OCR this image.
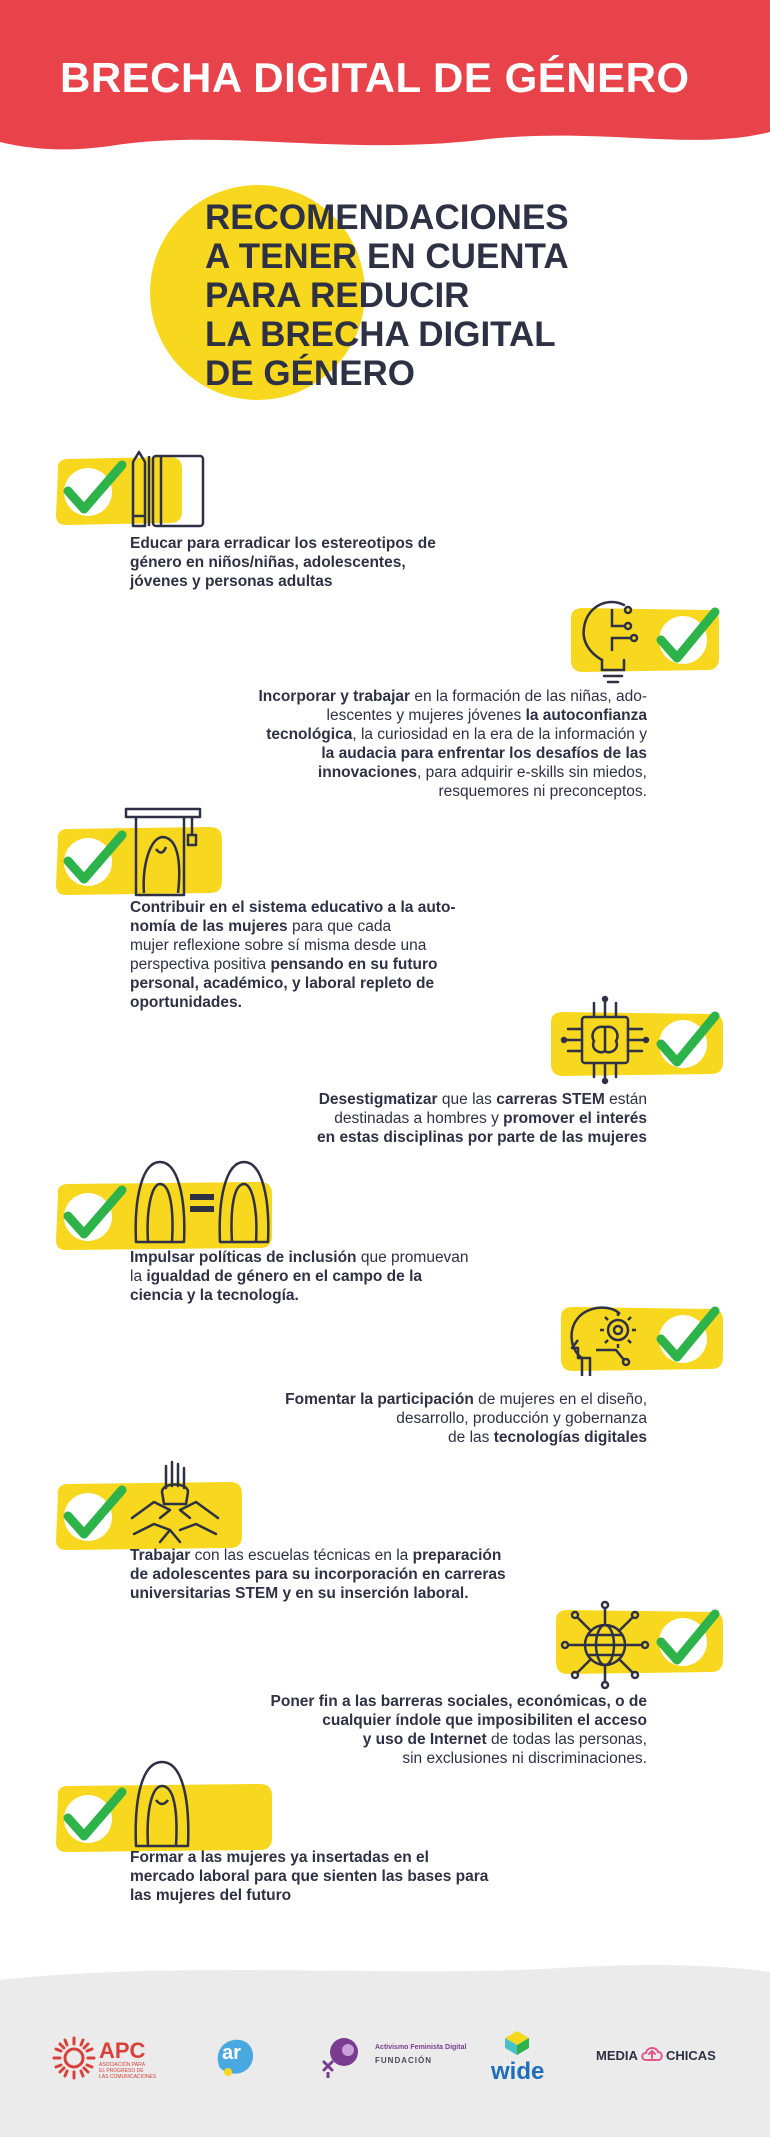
BRECHA DIGITAL DE GÉNERO
RECOMENDACIONES
A TENER EN CUENTA
PARA REDUCIR
LA BRECHA DIGITAL
DE GÉNERO
Educar para erradicar los estereotipos de
género en niños/niñas, adolescentes,
jóvenes y personas adultas
Incorporar y trabajar en la formación de las niñas, ado-
lescentes y mujeres jóvenes la autoconfianza
tecnológica, la curiosidad en la era de la información y
la audacia para enfrentar los desafíos de las
innovaciones, para adquirir e-skills sin miedos,
resquemores ni preconceptos.
Contribuir en el sistema educativo a la auto-
nomía de las mujeres para que cada
mujer reflexione sobre sí misma desde una
perspectiva positiva pensando en su futuro
personal, académico, y laboral repleto de
oportunidades.
Desestigmatizar que las carreras STEM están
destinadas a hombres y promover el interés
en estas disciplinas por parte de las mujeres
Impulsar políticas de inclusión que promuevan
la igualdad de género en el campo de la
ciencia y la tecnología.
Fomentar la participación de mujeres en el diseño,
desarrollo, producción y gobernanza
de las tecnologías digitales
Trabajar con las escuelas técnicas en la preparación
de adolescentes para su incorporación en carreras
universitarias STEM y en su inserción laboral.
Poner fin a las barreras sociales, económicas, o de
cualquier índole que imposibiliten el acceso
y uso de Internet de todas las personas,
sin exclusiones ni discriminaciones.
Formar a las mujeres ya insertadas en el
mercado laboral para que sienten las bases para
las mujeres del futuro
APC
ASOCIACIÓN PARA
EL PROGRESO DE
LAS COMUNICACIONES
ar	Activismo Feminista Digital
FUNDACIÓN wide
MEDIA CHICAS
